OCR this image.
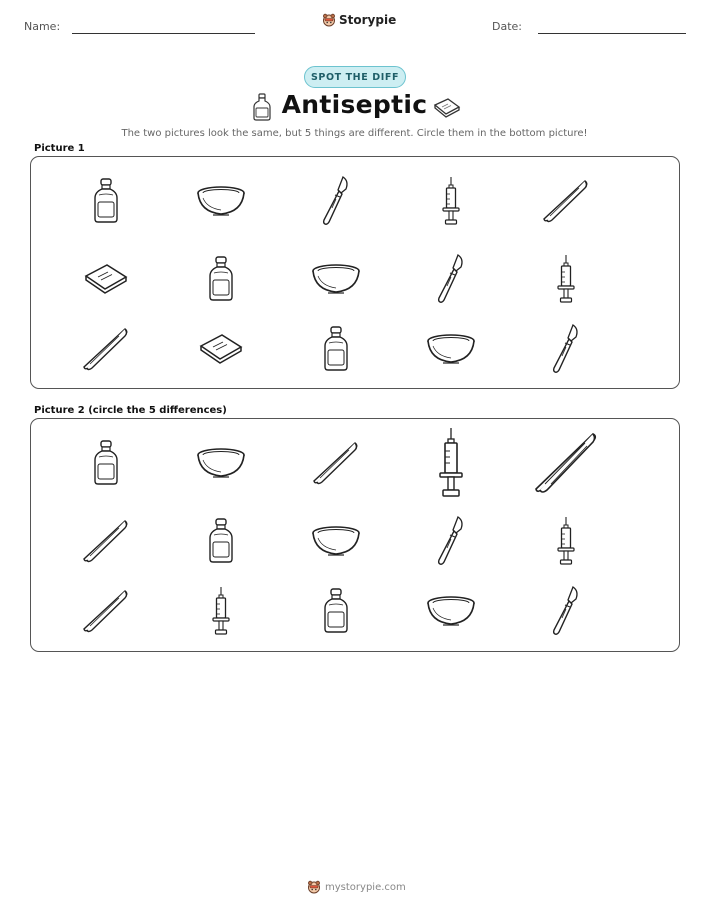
Name:	Storypie	Date:
SPOT THE DIFF
Antiseptic
The two pictures look the same, but 5 things are different. Circle them in the bottom picture!
Picture 1
Picture 2 (circle the 5 differences)
mystorypie.com
